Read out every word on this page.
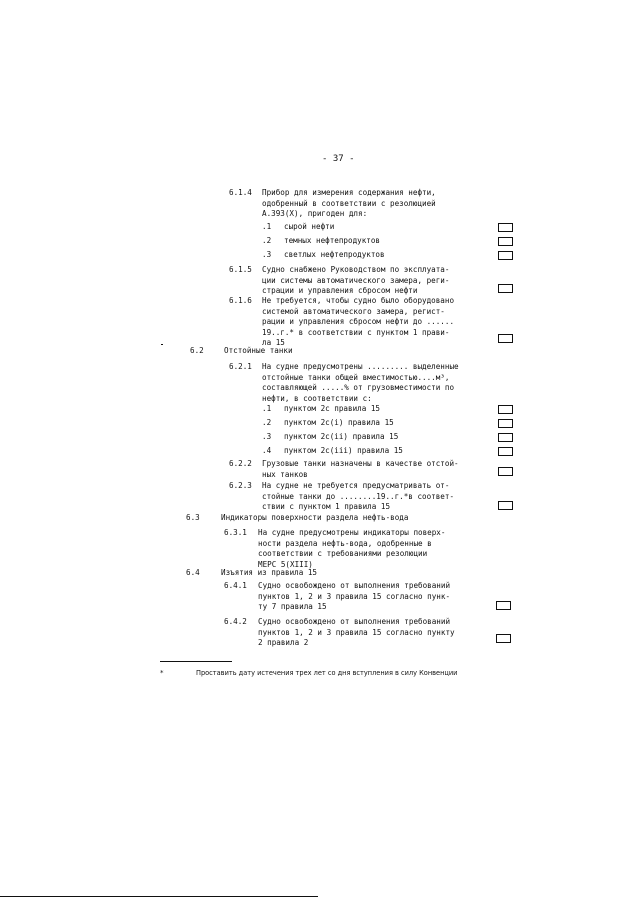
- 37 -
6.1.4 Прибор для измерения содержания нефти,
одобренный в соответствии с резолюцией
А.393(X), пригоден для:
.1 сырой нефти
.2 темных нефтепродуктов
.3 светлых нефтепродуктов
6.1.5 Судно снабжено Руководством по эксплуата-
ции системы автоматического замера, реги-
страции и управления сбросом нефти
6.1.6 Не требуется, чтобы судно было оборудовано
системой автоматического замера, регист-
рации и управления сбросом нефти до ......
19..г.* в соответствии с пунктом 1 прави-
ла 15
6.2	Отстойные танки
6.2.1 На судне предусмотрены ......... выделенные
отстойные танки общей вместимостью....м³,
составляющей .....% от грузовместимости по
нефти, в соответствии с:
.1 пунктом 2с правила 15
.2 пунктом 2с(i) правила 15
.3 пунктом 2с(ii) правила 15
.4 пунктом 2с(iii) правила 15
6.2.2 Грузовые танки назначены в качестве отстой-
ных танков
6.2.3 На судне не требуется предусматривать от-
стойные танки до ........19..г.*в соответ-
ствии с пунктом 1 правила 15
6.3	Индикаторы поверхности раздела нефть-вода
6.3.1 На судне предусмотрены индикаторы поверх-
ности раздела нефть-вода, одобренные в
соответствии с требованиями резолюции
МЕРС 5(XIII)
6.4	Изъятия из правила 15
6.4.1 Судно освобождено от выполнения требований
пунктов 1, 2 и 3 правила 15 согласно пунк-
ту 7 правила 15
6.4.2 Судно освобождено от выполнения требований
пунктов 1, 2 и 3 правила 15 согласно пункту
2 правила 2
*	Проставить дату истечения трех лет со дня вступления в силу Конвенции
